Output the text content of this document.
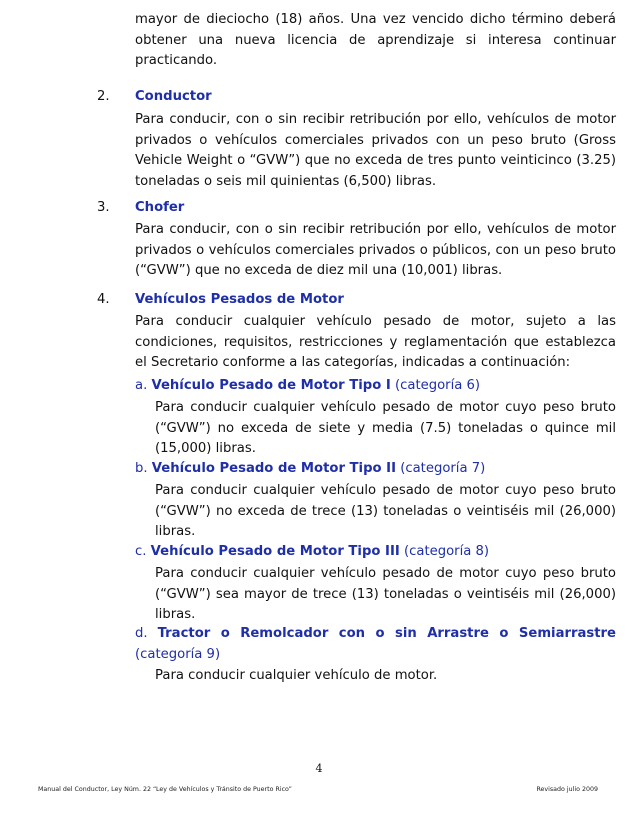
mayor de dieciocho (18) años. Una vez vencido dicho término deberá obtener una nueva licencia de aprendizaje si interesa continuar practicando.

2. Conductor

Para conducir, con o sin recibir retribución por ello, vehículos de motor privados o vehículos comerciales privados con un peso bruto (Gross Vehicle Weight o “GVW”) que no exceda de tres punto veinticinco (3.25) toneladas o seis mil quinientas (6,500) libras.

3. Chofer

Para conducir, con o sin recibir retribución por ello, vehículos de motor privados o vehículos comerciales privados o públicos, con un peso bruto (“GVW”) que no exceda de diez mil una (10,001) libras.

4. Vehículos Pesados de Motor

Para conducir cualquier vehículo pesado de motor, sujeto a las condiciones, requisitos, restricciones y reglamentación que establezca el Secretario conforme a las categorías, indicadas a continuación:

a. Vehículo Pesado de Motor Tipo I (categoría 6)

Para conducir cualquier vehículo pesado de motor cuyo peso bruto (“GVW”) no exceda de siete y media (7.5) toneladas o quince mil (15,000) libras.

b. Vehículo Pesado de Motor Tipo II (categoría 7)

Para conducir cualquier vehículo pesado de motor cuyo peso bruto (“GVW”) no exceda de trece (13) toneladas o veintiséis mil (26,000) libras.

c. Vehículo Pesado de Motor Tipo III (categoría 8)

Para conducir cualquier vehículo pesado de motor cuyo peso bruto (“GVW”) sea mayor de trece (13) toneladas o veintiséis mil (26,000) libras.

d. Tractor o Remolcador con o sin Arrastre o Semiarrastre (categoría 9)

Para conducir cualquier vehículo de motor.

4
Manual del Conductor, Ley Núm. 22 “Ley de Vehículos y Tránsito de Puerto Rico”	Revisado julio 2009
